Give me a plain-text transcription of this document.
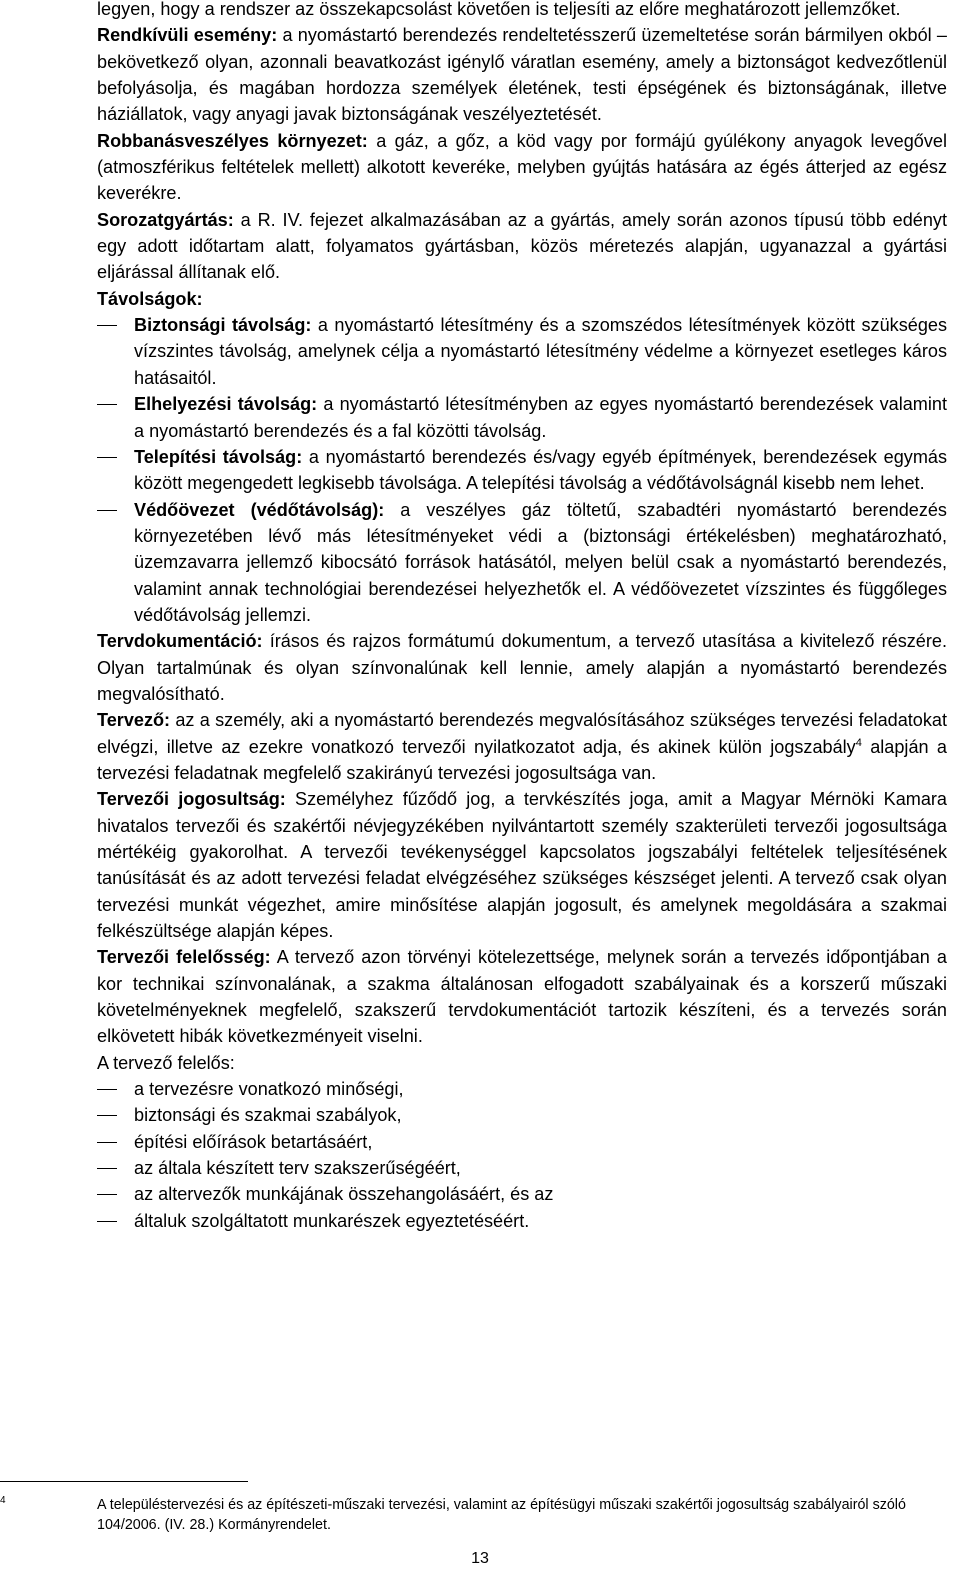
legyen, hogy a rendszer az összekapcsolást követően is teljesíti az előre meghatározott jellemzőket.

Rendkívüli esemény: a nyomástartó berendezés rendeltetésszerű üzemeltetése során bármilyen okból – bekövetkező olyan, azonnali beavatkozást igénylő váratlan esemény, amely a biztonságot kedvezőtlenül befolyásolja, és magában hordozza személyek életének, testi épségének és biztonságának, illetve háziállatok, vagy anyagi javak biztonságának veszélyeztetését.

Robbanásveszélyes környezet: a gáz, a gőz, a köd vagy por formájú gyúlékony anyagok levegővel (atmoszférikus feltételek mellett) alkotott keveréke, melyben gyújtás hatására az égés átterjed az egész keverékre.

Sorozatgyártás: a R. IV. fejezet alkalmazásában az a gyártás, amely során azonos típusú több edényt egy adott időtartam alatt, folyamatos gyártásban, közös méretezés alapján, ugyanazzal a gyártási eljárással állítanak elő.

Távolságok:

Biztonsági távolság: a nyomástartó létesítmény és a szomszédos létesítmények között szükséges vízszintes távolság, amelynek célja a nyomástartó létesítmény védelme a környezet esetleges káros hatásaitól.
Elhelyezési távolság: a nyomástartó létesítményben az egyes nyomástartó berendezések valamint a nyomástartó berendezés és a fal közötti távolság.
Telepítési távolság: a nyomástartó berendezés és/vagy egyéb építmények, berendezések egymás között megengedett legkisebb távolsága. A telepítési távolság a védőtávolságnál kisebb nem lehet.
Védőövezet (védőtávolság): a veszélyes gáz töltetű, szabadtéri nyomástartó berendezés környezetében lévő más létesítményeket védi a (biztonsági értékelésben) meghatározható, üzemzavarra jellemző kibocsátó források hatásától, melyen belül csak a nyomástartó berendezés, valamint annak technológiai berendezései helyezhetők el. A védőövezetet vízszintes és függőleges védőtávolság jellemzi.

Tervdokumentáció: írásos és rajzos formátumú dokumentum, a tervező utasítása a kivitelező részére. Olyan tartalmúnak és olyan színvonalúnak kell lennie, amely alapján a nyomástartó berendezés megvalósítható.

Tervező: az a személy, aki a nyomástartó berendezés megvalósításához szükséges tervezési feladatokat elvégzi, illetve az ezekre vonatkozó tervezői nyilatkozatot adja, és akinek külön jogszabály$^4$ alapján a tervezési feladatnak megfelelő szakirányú tervezési jogosultsága van.

Tervezői jogosultság: Személyhez fűződő jog, a tervkészítés joga, amit a Magyar Mérnöki Kamara hivatalos tervezői és szakértői névjegyzékében nyilvántartott személy szakterületi tervezői jogosultsága mértékéig gyakorolhat. A tervezői tevékenységgel kapcsolatos jogszabályi feltételek teljesítésének tanúsítását és az adott tervezési feladat elvégzéséhez szükséges készséget jelenti. A tervező csak olyan tervezési munkát végezhet, amire minősítése alapján jogosult, és amelynek megoldására a szakmai felkészültsége alapján képes.

Tervezői felelősség: A tervező azon törvényi kötelezettsége, melynek során a tervezés időpontjában a kor technikai színvonalának, a szakma általánosan elfogadott szabályainak és a korszerű műszaki követelményeknek megfelelő, szakszerű tervdokumentációt tartozik készíteni, és a tervezés során elkövetett hibák következményeit viselni.

A tervező felelős:

a tervezésre vonatkozó minőségi,
biztonsági és szakmai szabályok,
építési előírások betartásáért,
az általa készített terv szakszerűségéért,
az altervezők munkájának összehangolásáért, és az
általuk szolgáltatott munkarészek egyeztetéséért.
4	A településtervezési és az építészeti-műszaki tervezési, valamint az építésügyi műszaki szakértői jogosultság szabályairól szóló 104/2006. (IV. 28.) Kormányrendelet.
13
